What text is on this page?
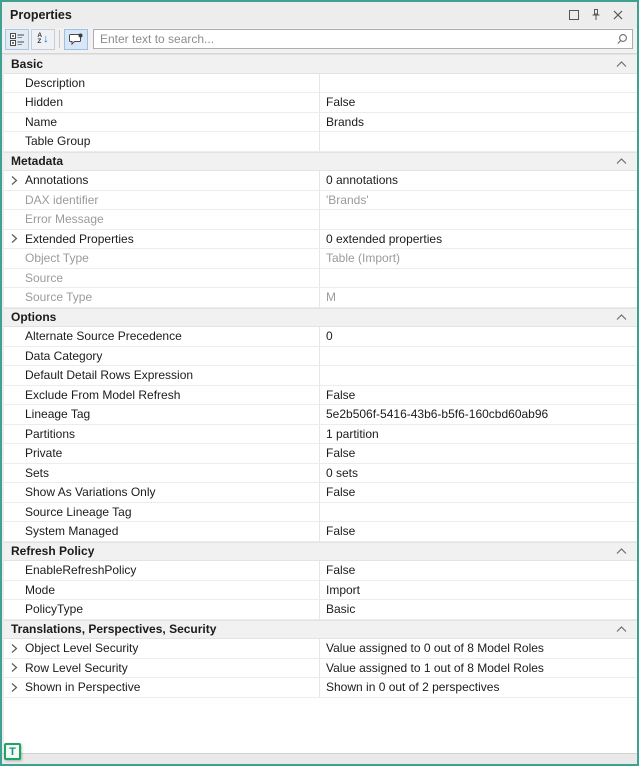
Properties
A
Z ↓
Enter text to search...
Basic
Description
Hidden	False
Name	Brands
Table Group
Metadata
Annotations	0 annotations
DAX identifier	'Brands'
Error Message
Extended Properties	0 extended properties
Object Type	Table (Import)
Source
Source Type	M
Options
Alternate Source Precedence	0
Data Category
Default Detail Rows Expression
Exclude From Model Refresh	False
Lineage Tag	5e2b506f-5416-43b6-b5f6-160cbd60ab96
Partitions	1 partition
Private	False
Sets	0 sets
Show As Variations Only	False
Source Lineage Tag
System Managed	False
Refresh Policy
EnableRefreshPolicy	False
Mode	Import
PolicyType	Basic
Translations, Perspectives, Security
Object Level Security	Value assigned to 0 out of 8 Model Roles
Row Level Security	Value assigned to 1 out of 8 Model Roles
Shown in Perspective	Shown in 0 out of 2 perspectives
T
